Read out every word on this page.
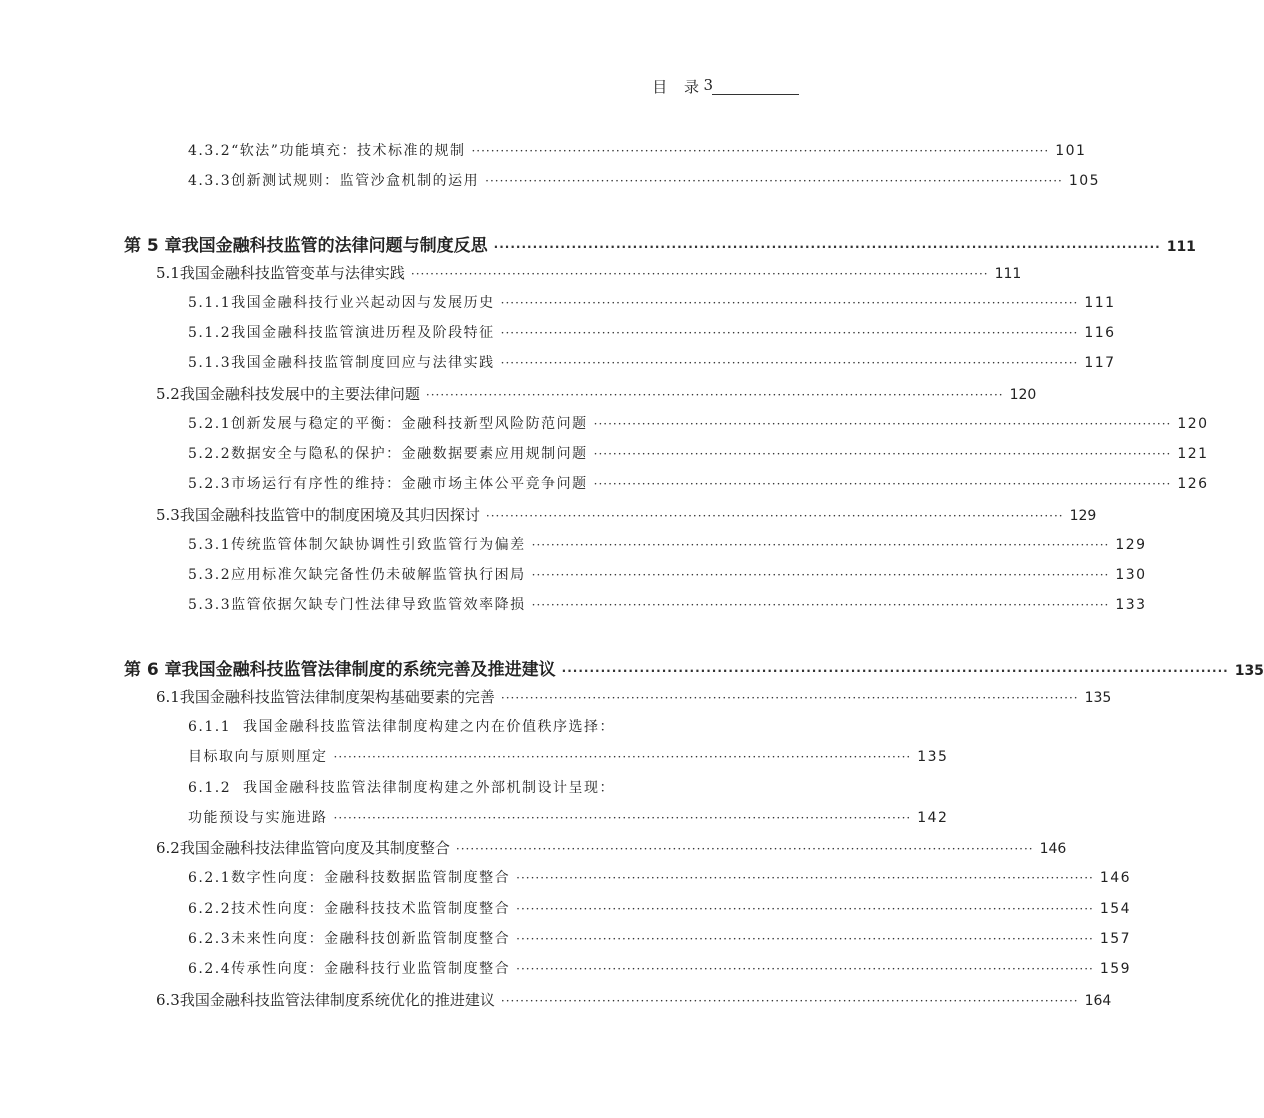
目 录
3
4.3.2 “软法”功能填充：技术标准的规制 ························································································································ 101
4.3.3 创新测试规则：监管沙盒机制的运用 ························································································································ 105
第 5 章 我国金融科技监管的法律问题与制度反思 ························································································································ 111
5.1 我国金融科技监管变革与法律实践 ························································································································ 111
5.1.1 我国金融科技行业兴起动因与发展历史 ························································································································ 111
5.1.2 我国金融科技监管演进历程及阶段特征 ························································································································ 116
5.1.3 我国金融科技监管制度回应与法律实践 ························································································································ 117
5.2 我国金融科技发展中的主要法律问题 ························································································································ 120
5.2.1 创新发展与稳定的平衡：金融科技新型风险防范问题 ························································································································ 120
5.2.2 数据安全与隐私的保护：金融数据要素应用规制问题 ························································································································ 121
5.2.3 市场运行有序性的维持：金融市场主体公平竞争问题 ························································································································ 126
5.3 我国金融科技监管中的制度困境及其归因探讨 ························································································································ 129
5.3.1 传统监管体制欠缺协调性引致监管行为偏差 ························································································································ 129
5.3.2 应用标准欠缺完备性仍未破解监管执行困局 ························································································································ 130
5.3.3 监管依据欠缺专门性法律导致监管效率降损 ························································································································ 133
第 6 章 我国金融科技监管法律制度的系统完善及推进建议 ························································································································ 135
6.1 我国金融科技监管法律制度架构基础要素的完善 ························································································································ 135
6.1.1 我国金融科技监管法律制度构建之内在价值秩序选择：
目标取向与原则厘定 ························································································································ 135
6.1.2 我国金融科技监管法律制度构建之外部机制设计呈现：
功能预设与实施进路 ························································································································ 142
6.2 我国金融科技法律监管向度及其制度整合 ························································································································ 146
6.2.1 数字性向度：金融科技数据监管制度整合 ························································································································ 146
6.2.2 技术性向度：金融科技技术监管制度整合 ························································································································ 154
6.2.3 未来性向度：金融科技创新监管制度整合 ························································································································ 157
6.2.4 传承性向度：金融科技行业监管制度整合 ························································································································ 159
6.3 我国金融科技监管法律制度系统优化的推进建议 ························································································································ 164
